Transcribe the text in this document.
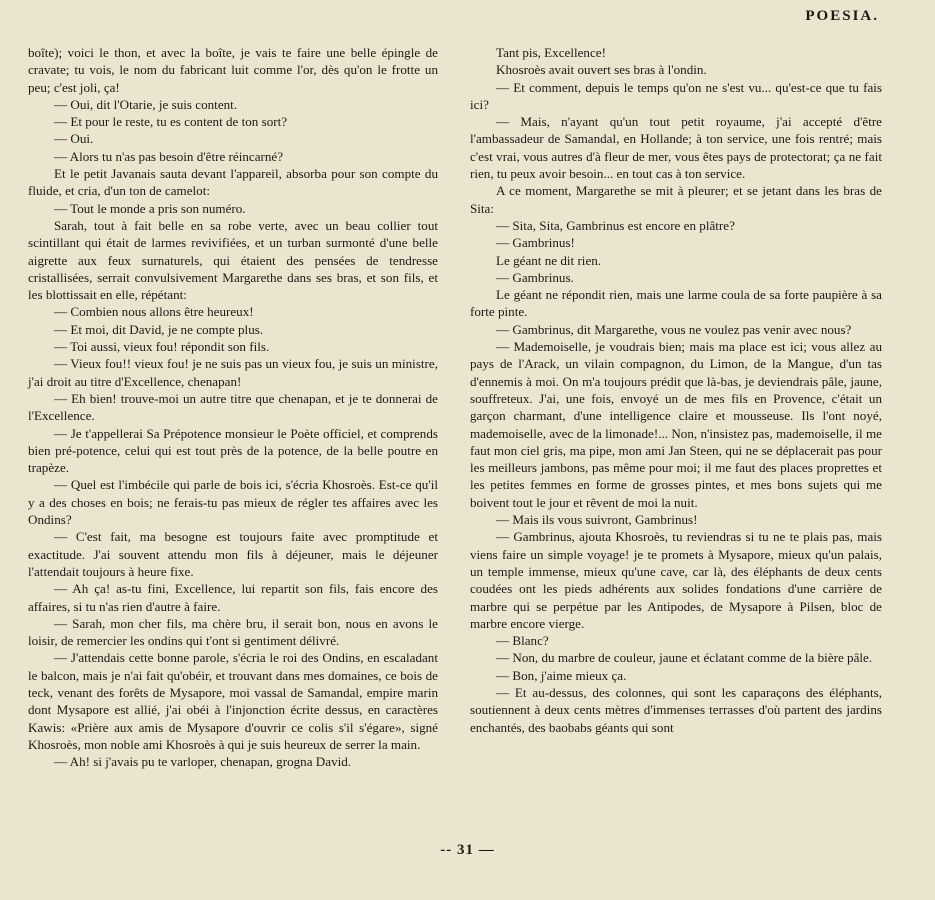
POESIA.

boîte); voici le thon, et avec la boîte, je vais te faire une belle épingle de cravate; tu vois, le nom du fabricant luit comme l'or, dès qu'on le frotte un peu; c'est joli, ça!

— Oui, dit l'Otarie, je suis content.

— Et pour le reste, tu es content de ton sort?

— Oui.

— Alors tu n'as pas besoin d'être réincarné?

Et le petit Javanais sauta devant l'appareil, absorba pour son compte du fluide, et cria, d'un ton de camelot:

— Tout le monde a pris son numéro.

Sarah, tout à fait belle en sa robe verte, avec un beau collier tout scintillant qui était de larmes revivifiées, et un turban surmonté d'une belle aigrette aux feux surnaturels, qui étaient des pensées de tendresse cristallisées, serrait convulsivement Margarethe dans ses bras, et son fils, et les blottissait en elle, répétant:

— Combien nous allons être heureux!

— Et moi, dit David, je ne compte plus.

— Toi aussi, vieux fou! répondit son fils.

— Vieux fou!! vieux fou! je ne suis pas un vieux fou, je suis un ministre, j'ai droit au titre d'Excellence, chenapan!

— Eh bien! trouve-moi un autre titre que chenapan, et je te donnerai de l'Excellence.

— Je t'appellerai Sa Prépotence monsieur le Poète officiel, et comprends bien pré-potence, celui qui est tout près de la potence, de la belle poutre en trapèze.

— Quel est l'imbécile qui parle de bois ici, s'écria Khosroès. Est-ce qu'il y a des choses en bois; ne ferais-tu pas mieux de régler tes affaires avec les Ondins?

— C'est fait, ma besogne est toujours faite avec promptitude et exactitude. J'ai souvent attendu mon fils à déjeuner, mais le déjeuner l'attendait toujours à heure fixe.

— Ah ça! as-tu fini, Excellence, lui repartit son fils, fais encore des affaires, si tu n'as rien d'autre à faire.

— Sarah, mon cher fils, ma chère bru, il serait bon, nous en avons le loisir, de remercier les ondins qui t'ont si gentiment délivré.

— J'attendais cette bonne parole, s'écria le roi des Ondins, en escaladant le balcon, mais je n'ai fait qu'obéir, et trouvant dans mes domaines, ce bois de teck, venant des forêts de Mysapore, moi vassal de Samandal, empire marin dont Mysapore est allié, j'ai obéi à l'injonction écrite dessus, en caractères Kawis: «Prière aux amis de Mysapore d'ouvrir ce colis s'il s'égare», signé Khosroès, mon noble ami Khosroès à qui je suis heureux de serrer la main.

— Ah! si j'avais pu te varloper, chenapan, grogna David.

Tant pis, Excellence!

Khosroès avait ouvert ses bras à l'ondin.

— Et comment, depuis le temps qu'on ne s'est vu... qu'est-ce que tu fais ici?

— Mais, n'ayant qu'un tout petit royaume, j'ai accepté d'être l'ambassadeur de Samandal, en Hollande; à ton service, une fois rentré; mais c'est vrai, vous autres d'à fleur de mer, vous êtes pays de protectorat; ça ne fait rien, tu peux avoir besoin... en tout cas à ton service.

A ce moment, Margarethe se mit à pleurer; et se jetant dans les bras de Sita:

— Sita, Sita, Gambrinus est encore en plâtre?

— Gambrinus!

Le géant ne dit rien.

— Gambrinus.

Le géant ne répondit rien, mais une larme coula de sa forte paupière à sa forte pinte.

— Gambrinus, dit Margarethe, vous ne voulez pas venir avec nous?

— Mademoiselle, je voudrais bien; mais ma place est ici; vous allez au pays de l'Arack, un vilain compagnon, du Limon, de la Mangue, d'un tas d'ennemis à moi. On m'a toujours prédit que là-bas, je deviendrais pâle, jaune, souffreteux. J'ai, une fois, envoyé un de mes fils en Provence, c'était un garçon charmant, d'une intelligence claire et mousseuse. Ils l'ont noyé, mademoiselle, avec de la limonade!... Non, n'insistez pas, mademoiselle, il me faut mon ciel gris, ma pipe, mon ami Jan Steen, qui ne se déplacerait pas pour les meilleurs jambons, pas même pour moi; il me faut des places proprettes et les petites femmes en forme de grosses pintes, et mes bons sujets qui me boivent tout le jour et rêvent de moi la nuit.

— Mais ils vous suivront, Gambrinus!

— Gambrinus, ajouta Khosroès, tu reviendras si tu ne te plais pas, mais viens faire un simple voyage! je te promets à Mysapore, mieux qu'un palais, un temple immense, mieux qu'une cave, car là, des éléphants de deux cents coudées ont les pieds adhérents aux solides fondations d'une carrière de marbre qui se perpétue par les Antipodes, de Mysapore à Pilsen, bloc de marbre encore vierge.

— Blanc?

— Non, du marbre de couleur, jaune et éclatant comme de la bière pâle.

— Bon, j'aime mieux ça.

— Et au-dessus, des colonnes, qui sont les caparaçons des éléphants, soutiennent à deux cents mètres d'immenses terrasses d'où partent des jardins enchantés, des baobabs géants qui sont

-- 31 —
